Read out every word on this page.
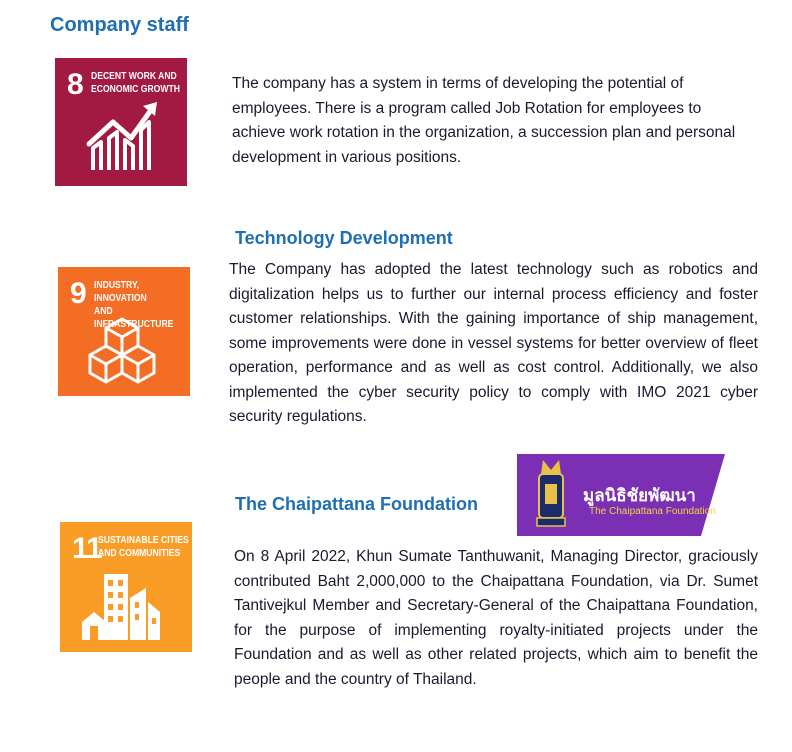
Company staff
8 DECENT WORK AND
ECONOMIC GROWTH	The company has a system in terms of developing the potential of employees. There is a program called Job Rotation for employees to achieve work rotation in the organization, a succession plan and personal development in various positions.
Technology Development
9 INDUSTRY, INNOVATION
AND INFRASTRUCTURE
The Company has adopted the latest technology such as robotics and digitalization helps us to further our internal process efficiency and foster customer relationships. With the gaining importance of ship management, some improvements were done in vessel systems for better overview of fleet operation, performance and as well as cost control. Additionally, we also implemented the cyber security policy to comply with IMO 2021 cyber security regulations.
The Chaipattana Foundation	มูลนิธิชัยพัฒนา
The Chaipattana Foundation
11
SUSTAINABLE CITIES
AND COMMUNITIES	On 8 April 2022, Khun Sumate Tanthuwanit, Managing Director, graciously contributed Baht 2,000,000 to the Chaipattana Foundation, via Dr. Sumet Tantivejkul Member and Secretary-General of the Chaipattana Foundation, for the purpose of implementing royalty-initiated projects under the Foundation and as well as other related projects, which aim to benefit the people and the country of Thailand.
